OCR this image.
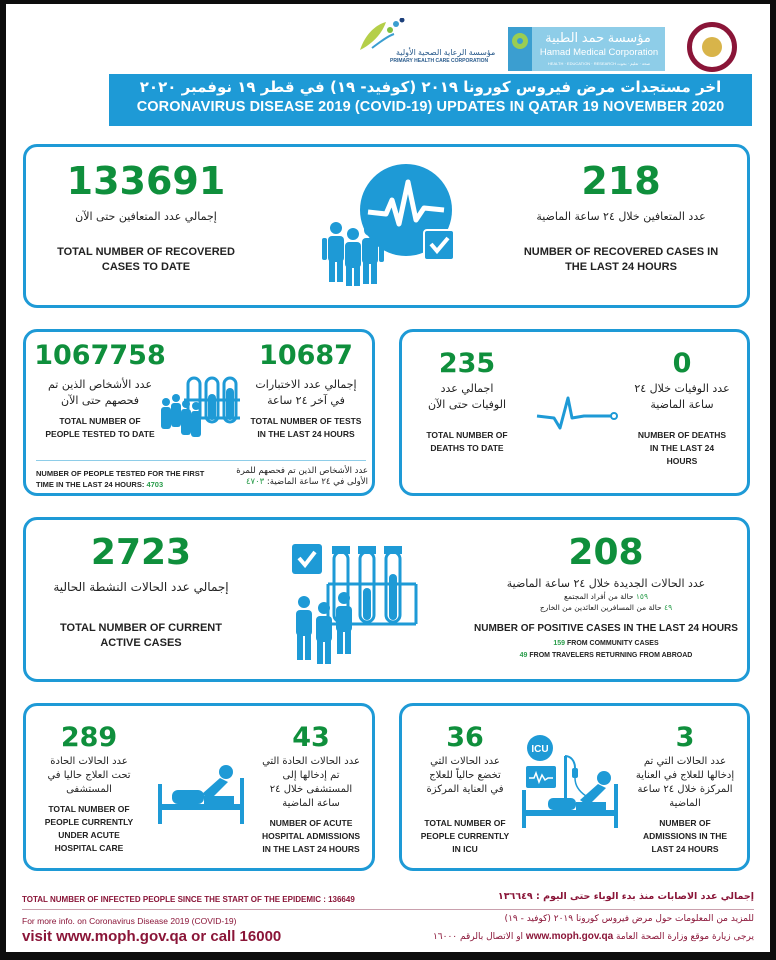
مؤسسة الرعاية الصحية الأولية
PRIMARY HEALTH CARE CORPORATION
مؤسسة حمد الطبية
Hamad Medical Corporation
HEALTH · EDUCATION · RESEARCH صحة · تعليم · بحوث
اخر مستجدات مرض فيروس كورونا ٢٠١٩ (كوفيد- ١٩) في قطر ١٩ نوفمبر ٢٠٢٠
CORONAVIRUS DISEASE 2019 (COVID-19) UPDATES IN QATAR 19 NOVEMBER 2020
133691
إجمالي عدد المتعافين حتى الآن
TOTAL NUMBER OF RECOVERED
CASES TO DATE
218
عدد المتعافين خلال ٢٤ ساعة الماضية
NUMBER OF RECOVERED CASES IN
THE LAST 24 HOURS
1067758
عدد الأشخاص الذين تم
فحصهم حتى الآن
TOTAL NUMBER OF
PEOPLE TESTED TO DATE
10687
إجمالي عدد الاختبارات
في آخر ٢٤ ساعة
TOTAL NUMBER OF TESTS
IN THE LAST 24 HOURS
NUMBER OF PEOPLE TESTED FOR THE FIRST
TIME IN THE LAST 24 HOURS: 4703
عدد الأشخاص الذين تم فحصهم للمرة
الأولى في ٢٤ ساعة الماضية: ٤٧٠٣
235
اجمالي عدد
الوفيات حتى الآن
TOTAL NUMBER OF
DEATHS TO DATE
0
عدد الوفيات خلال ٢٤
ساعة الماضية
NUMBER OF DEATHS
IN THE LAST 24
HOURS
2723
إجمالي عدد الحالات النشطة الحالية
TOTAL NUMBER OF CURRENT
ACTIVE CASES
208
عدد الحالات الجديدة خلال ٢٤ ساعة الماضية
١٥٩ حالة من أفراد المجتمع
٤٩ حالة من المسافرين العائدين من الخارج
NUMBER OF POSITIVE CASES IN THE LAST 24 HOURS
159 FROM COMMUNITY CASES
49 FROM TRAVELERS RETURNING FROM ABROAD
289
عدد الحالات الحادة
تحت العلاج حاليا في
المستشفى
TOTAL NUMBER OF
PEOPLE CURRENTLY
UNDER ACUTE
HOSPITAL CARE
43
عدد الحالات الحادة التي
تم إدخالها إلى
المستشفى خلال ٢٤
ساعة الماضية
NUMBER OF ACUTE
HOSPITAL ADMISSIONS
IN THE LAST 24 HOURS
36
عدد الحالات التي
تخضع حالياً للعلاج
في العناية المركزة
TOTAL NUMBER OF
PEOPLE CURRENTLY
IN ICU
ICU	3
عدد الحالات التي تم
إدخالها للعلاج في العناية
المركزة خلال ٢٤ ساعة
الماضية
NUMBER OF
ADMISSIONS IN THE
LAST 24 HOURS
TOTAL NUMBER OF INFECTED PEOPLE SINCE THE START OF THE EPIDEMIC : 136649	إجمالي عدد الاصابات منذ بدء الوباء حتى اليوم : ١٣٦٦٤٩
For more info. on Coronavirus Disease 2019 (COVID-19)
visit www.moph.gov.qa or call 16000
للمزيد من المعلومات حول مرض فيروس كورونا ٢٠١٩ (كوفيد - ١٩)
يرجى زيارة موقع وزارة الصحة العامة www.moph.gov.qa او الاتصال بالرقم ١٦٠٠٠
